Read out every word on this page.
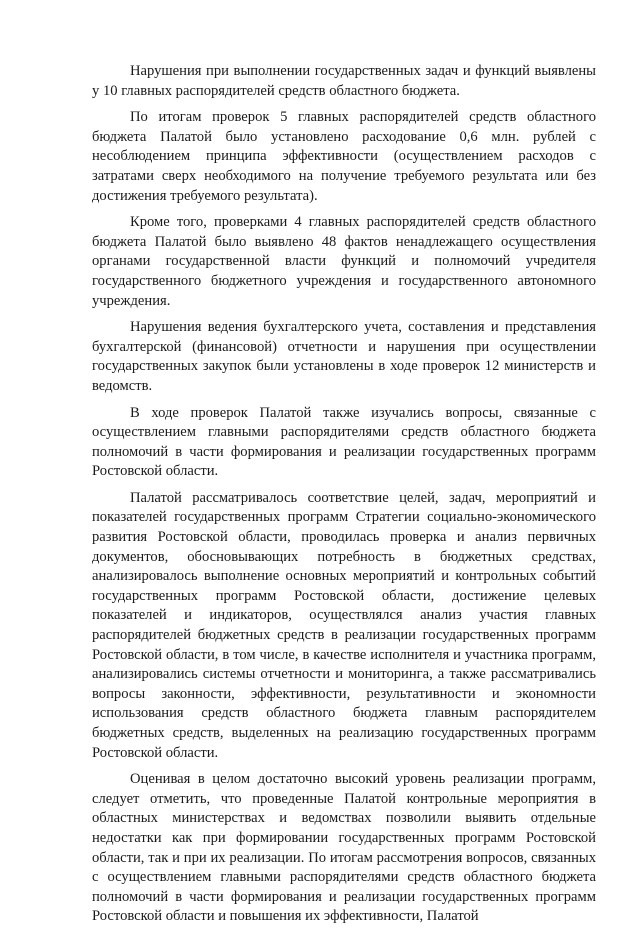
Нарушения при выполнении государственных задач и функций выявлены у 10 главных распорядителей средств областного бюджета.

По итогам проверок 5 главных распорядителей средств областного бюджета Палатой было установлено расходование 0,6 млн. рублей с несоблюдением принципа эффективности (осуществлением расходов с затратами сверх необходимого на получение требуемого результата или без достижения требуемого результата).

Кроме того, проверками 4 главных распорядителей средств областного бюджета Палатой было выявлено 48 фактов ненадлежащего осуществления органами государственной власти функций и полномочий учредителя государственного бюджетного учреждения и государственного автономного учреждения.

Нарушения ведения бухгалтерского учета, составления и представления бухгалтерской (финансовой) отчетности и нарушения при осуществлении государственных закупок были установлены в ходе проверок 12 министерств и ведомств.

В ходе проверок Палатой также изучались вопросы, связанные с осуществлением главными распорядителями средств областного бюджета полномочий в части формирования и реализации государственных программ Ростовской области.

Палатой рассматривалось соответствие целей, задач, мероприятий и показателей государственных программ Стратегии социально-экономического развития Ростовской области, проводилась проверка и анализ первичных документов, обосновывающих потребность в бюджетных средствах, анализировалось выполнение основных мероприятий и контрольных событий государственных программ Ростовской области, достижение целевых показателей и индикаторов, осуществлялся анализ участия главных распорядителей бюджетных средств в реализации государственных программ Ростовской области, в том числе, в качестве исполнителя и участника программ, анализировались системы отчетности и мониторинга, а также рассматривались вопросы законности, эффективности, результативности и экономности использования средств областного бюджета главным распорядителем бюджетных средств, выделенных на реализацию государственных программ Ростовской области.

Оценивая в целом достаточно высокий уровень реализации программ, следует отметить, что проведенные Палатой контрольные мероприятия в областных министерствах и ведомствах позволили выявить отдельные недостатки как при формировании государственных программ Ростовской области, так и при их реализации. По итогам рассмотрения вопросов, связанных с осуществлением главными распорядителями средств областного бюджета полномочий в части формирования и реализации государственных программ Ростовской области и повышения их эффективности, Палатой
